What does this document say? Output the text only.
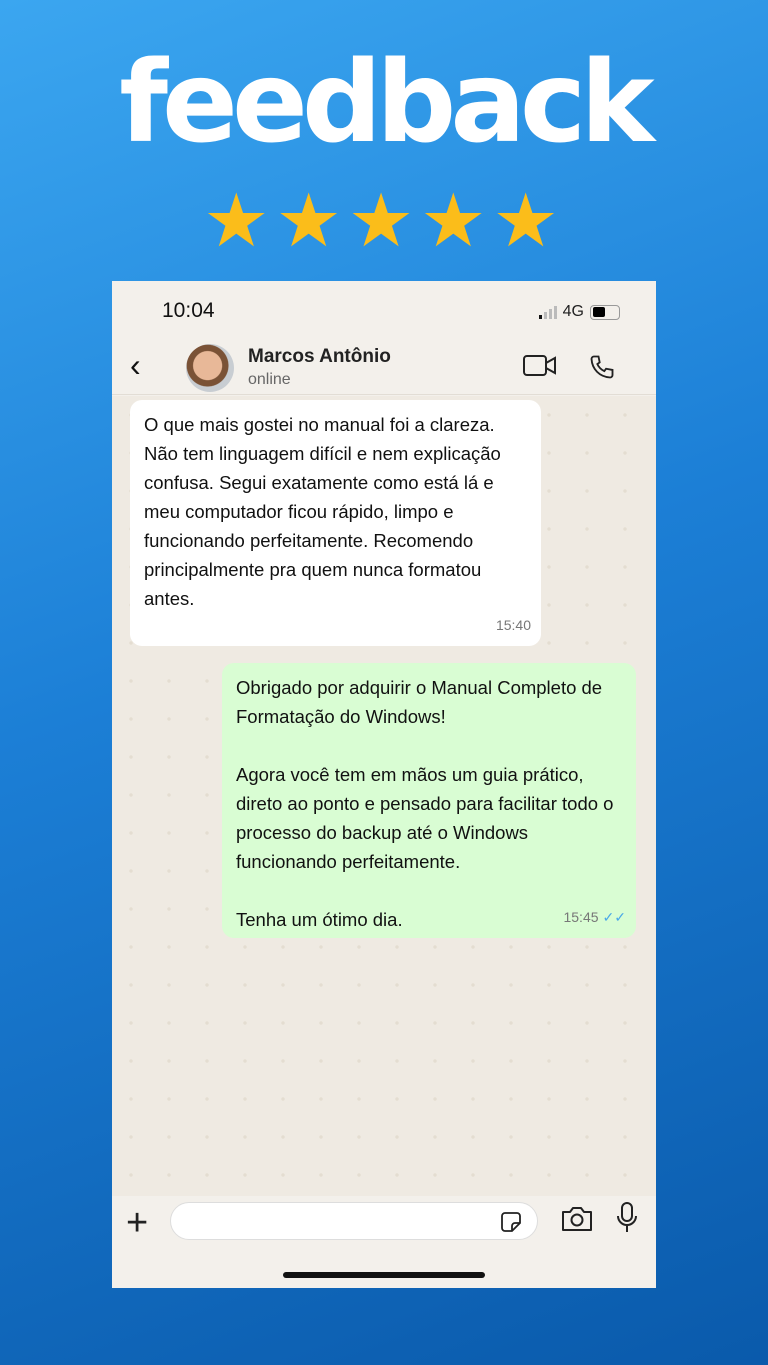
feedback
★★★★★
10:04	4G
‹	Marcos Antônio
online
O que mais gostei no manual foi a clareza. Não tem linguagem difícil e nem explicação confusa. Segui exatamente como está lá e meu computador ficou rápido, limpo e funcionando perfeitamente. Recomendo principalmente pra quem nunca formatou antes.
15:40
Obrigado por adquirir o Manual Completo de Formatação do Windows!

Agora você tem em mãos um guia prático, direto ao ponto e pensado para facilitar todo o processo do backup até o Windows funcionando perfeitamente.

Tenha um ótimo dia.	15:45 ✓✓
+
